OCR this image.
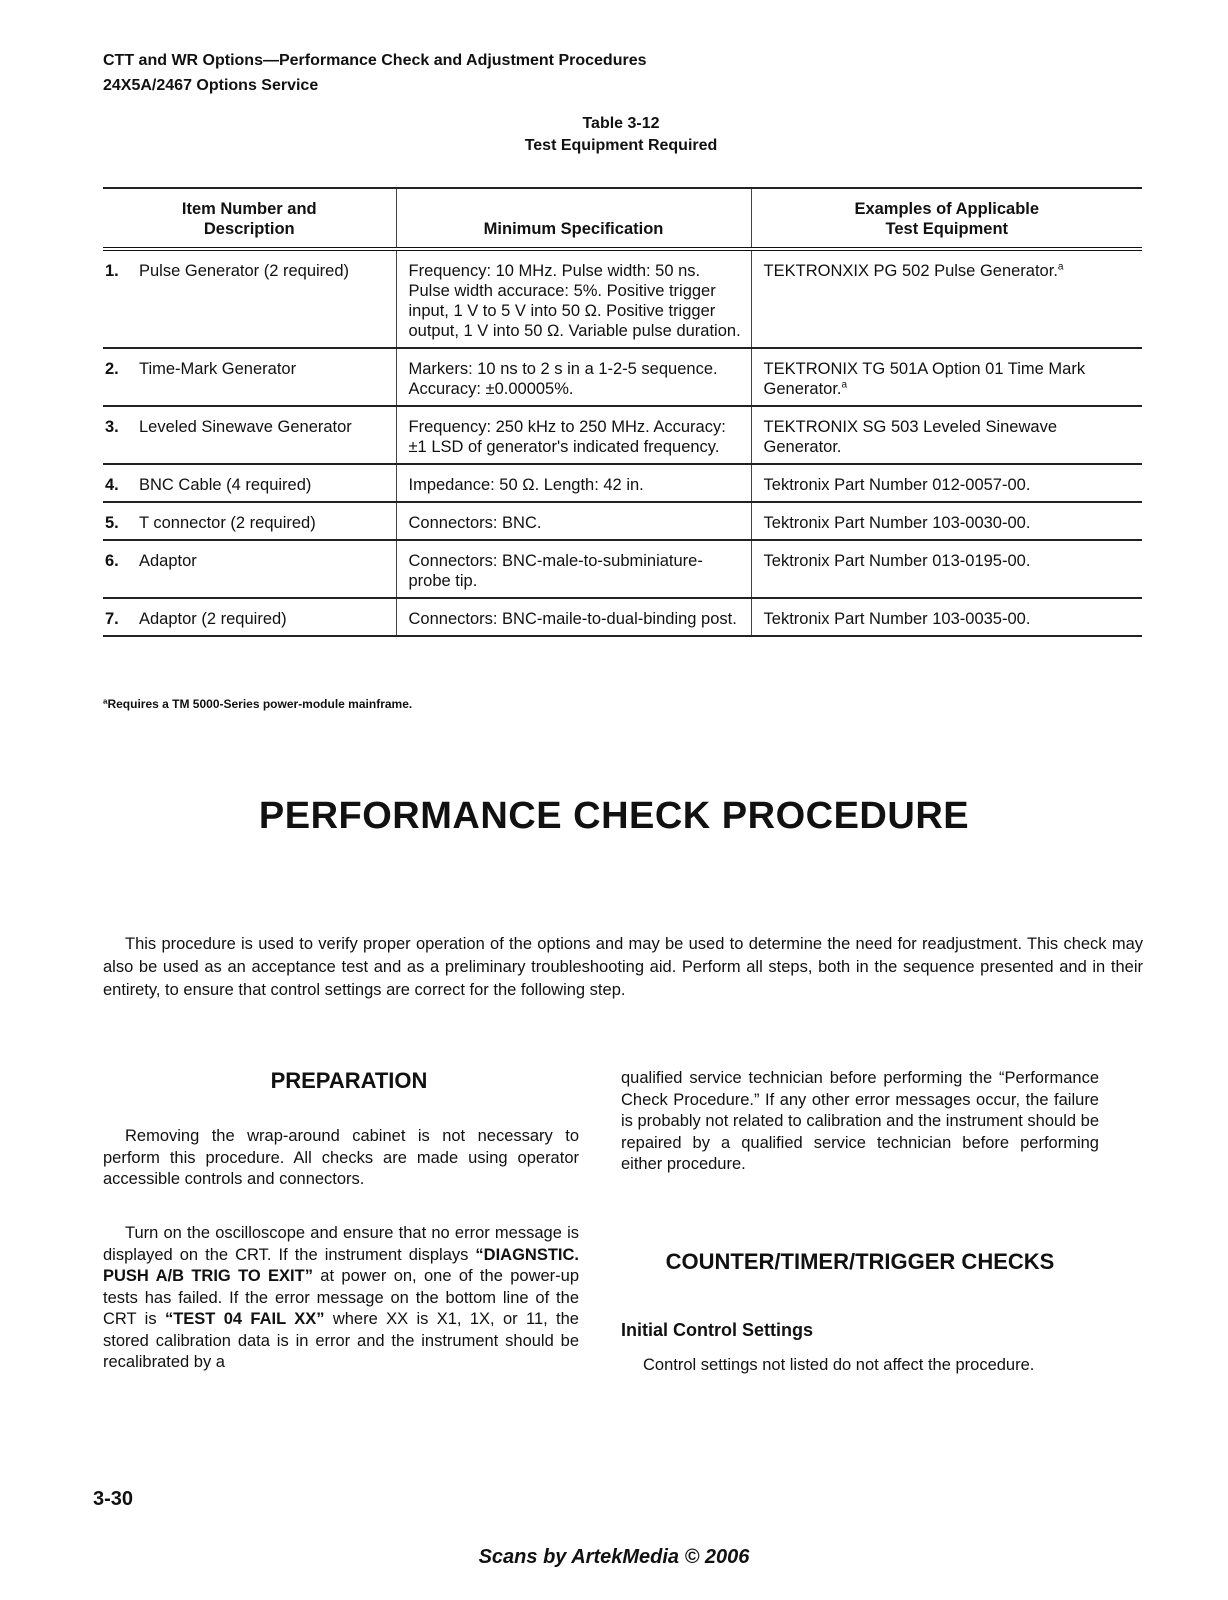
CTT and WR Options—Performance Check and Adjustment Procedures
24X5A/2467 Options Service
Table 3-12
Test Equipment Required
Item Number and
Description	Minimum Specification	Examples of Applicable
Test Equipment
1. Pulse Generator (2 required)	Frequency: 10 MHz. Pulse width: 50 ns. Pulse width accurace: 5%. Positive trigger input, 1 V to 5 V into 50 Ω. Positive trigger output, 1 V into 50 Ω. Variable pulse duration.	TEKTRONXIX PG 502 Pulse Generator.$^a$
2. Time-Mark Generator	Markers: 10 ns to 2 s in a 1-2-5 sequence. Accuracy: ±0.00005%.	TEKTRONIX TG 501A Option 01 Time Mark Generator.$^a$
3. Leveled Sinewave Generator	Frequency: 250 kHz to 250 MHz. Accuracy: ±1 LSD of generator's indicated frequency.	TEKTRONIX SG 503 Leveled Sinewave Generator.
4. BNC Cable (4 required)	Impedance: 50 Ω. Length: 42 in.	Tektronix Part Number 012-0057-00.
5. T connector (2 required)	Connectors: BNC.	Tektronix Part Number 103-0030-00.
6. Adaptor	Connectors: BNC-male-to-subminiature-probe tip.	Tektronix Part Number 013-0195-00.
7. Adaptor (2 required)	Connectors: BNC-maile-to-dual-binding post.	Tektronix Part Number 103-0035-00.
ªRequires a TM 5000-Series power-module mainframe.
PERFORMANCE CHECK PROCEDURE
This procedure is used to verify proper operation of the options and may be used to determine the need for readjustment. This check may also be used as an acceptance test and as a preliminary troubleshooting aid. Perform all steps, both in the sequence presented and in their entirety, to ensure that control settings are correct for the following step.
PREPARATION
Removing the wrap-around cabinet is not necessary to perform this procedure. All checks are made using operator accessible controls and connectors.
Turn on the oscilloscope and ensure that no error message is displayed on the CRT. If the instrument displays “DIAGNSTIC. PUSH A/B TRIG TO EXIT” at power on, one of the power-up tests has failed. If the error message on the bottom line of the CRT is “TEST 04 FAIL XX” where XX is X1, 1X, or 11, the stored calibration data is in error and the instrument should be recalibrated by a
qualified service technician before performing the “Performance Check Procedure.” If any other error messages occur, the failure is probably not related to calibration and the instrument should be repaired by a qualified service technician before performing either procedure.
COUNTER/TIMER/TRIGGER CHECKS
Initial Control Settings
Control settings not listed do not affect the procedure.
3-30
Scans by ArtekMedia © 2006
